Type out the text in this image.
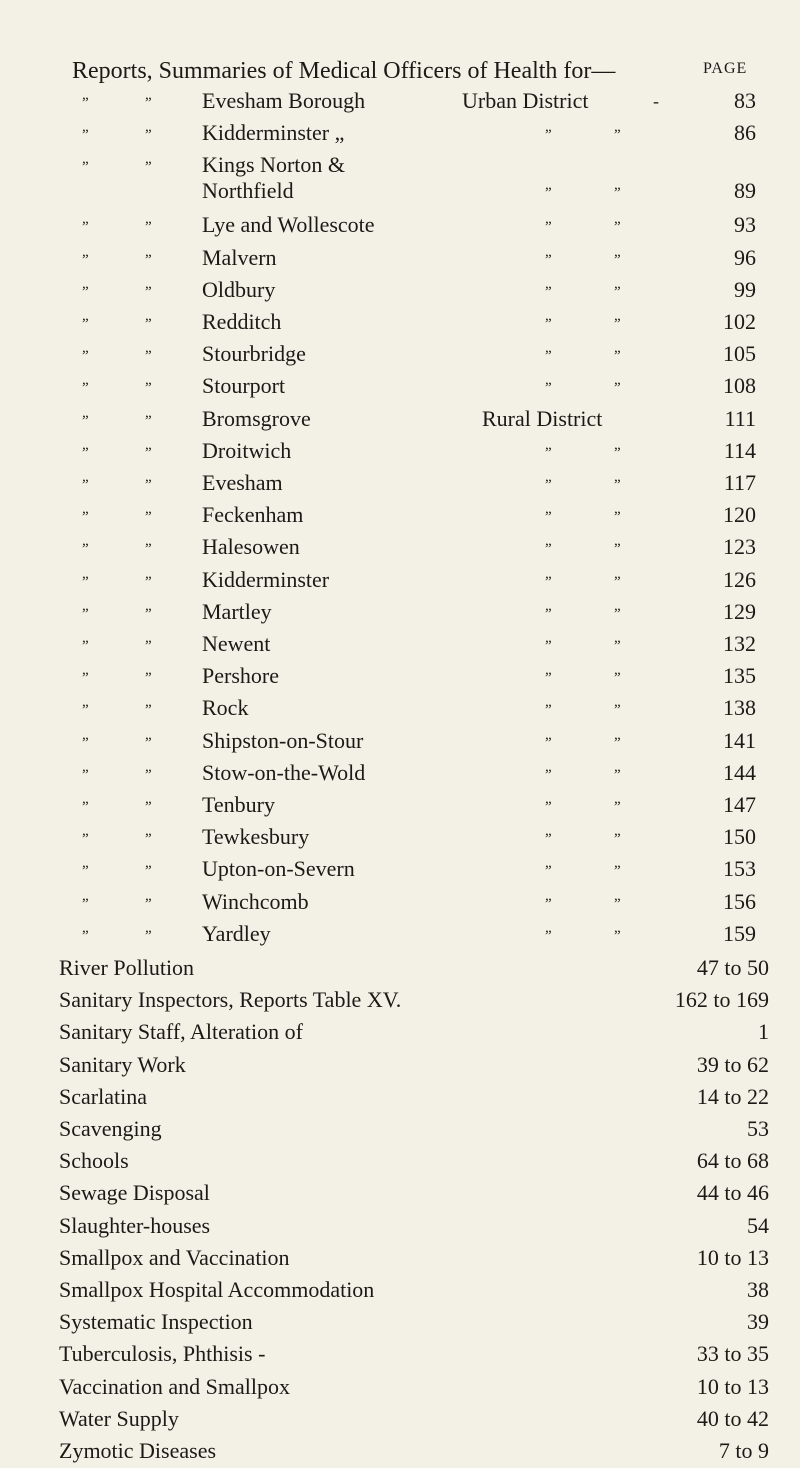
Reports, Summaries of Medical Officers of Health for—	PAGE
”	” Evesham Borough	Urban District	-	83
”	” Kidderminster „	”	”	86
”	” Kings Norton &
Northfield	”	”	89
”	” Lye and Wollescote	”	”	93
”	” Malvern	”	”	96
”	” Oldbury	”	”	99
”	” Redditch	”	”	102
”	” Stourbridge	”	”	105
”	” Stourport	”	”	108
”	” Bromsgrove	Rural District	111
”	” Droitwich	”	”	114
”	” Evesham	”	”	117
”	” Feckenham	”	”	120
”	” Halesowen	”	”	123
”	” Kidderminster	”	”	126
”	” Martley	”	”	129
”	” Newent	”	”	132
”	” Pershore	”	”	135
”	” Rock	”	”	138
”	” Shipston-on-Stour	”	”	141
”	” Stow-on-the-Wold	”	”	144
”	” Tenbury	”	”	147
”	” Tewkesbury	”	”	150
”	” Upton-on-Severn	”	”	153
”	” Winchcomb	”	”	156
”	” Yardley	”	”	159
River Pollution	47 to 50
Sanitary Inspectors, Reports Table XV.	162 to 169
Sanitary Staff, Alteration of	1
Sanitary Work	39 to 62
Scarlatina	14 to 22
Scavenging	53
Schools	64 to 68
Sewage Disposal	44 to 46
Slaughter-houses	54
Smallpox and Vaccination	10 to 13
Smallpox Hospital Accommodation	38
Systematic Inspection	39
Tuberculosis, Phthisis -	33 to 35
Vaccination and Smallpox	10 to 13
Water Supply	40 to 42
Zymotic Diseases	7 to 9
